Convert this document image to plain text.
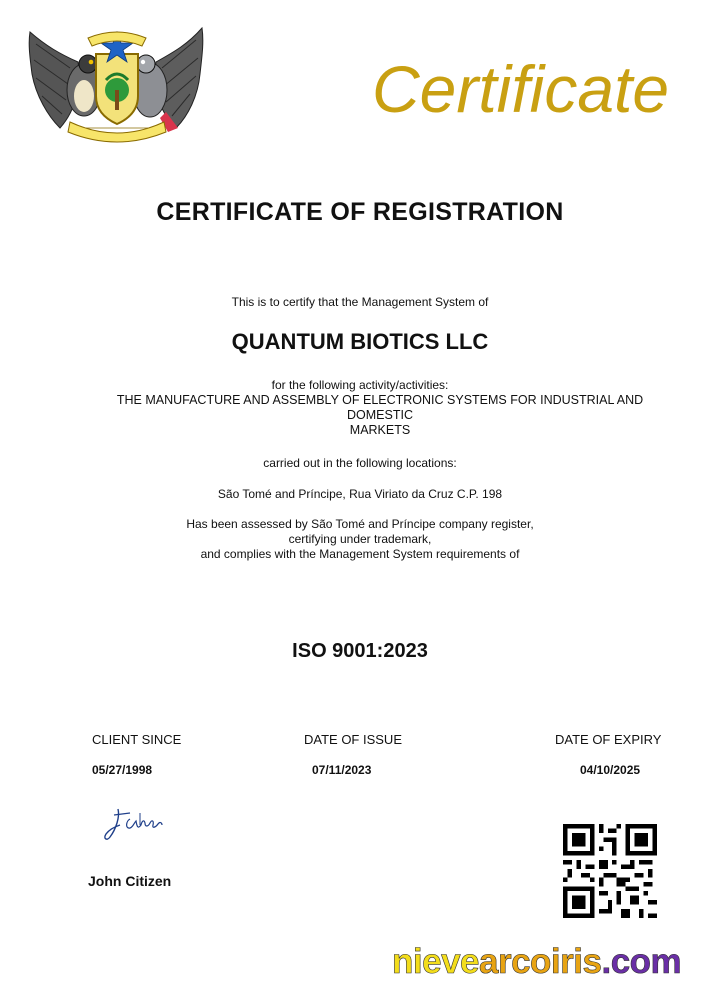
Certificate
CERTIFICATE OF REGISTRATION
This is to certify that the Management System of
QUANTUM BIOTICS LLC
for the following activity/activities:
THE MANUFACTURE AND ASSEMBLY OF ELECTRONIC SYSTEMS FOR INDUSTRIAL AND
DOMESTIC
MARKETS
carried out in the following locations:
São Tomé and Príncipe, Rua Viriato da Cruz C.P. 198
Has been assessed by São Tomé and Príncipe company register,
certifying under trademark,
and complies with the Management System requirements of
ISO 9001:2023
CLIENT SINCE
05/27/1998
DATE OF ISSUE
07/11/2023
DATE OF EXPIRY
04/10/2025
John Citizen
nievearcoiris.com
